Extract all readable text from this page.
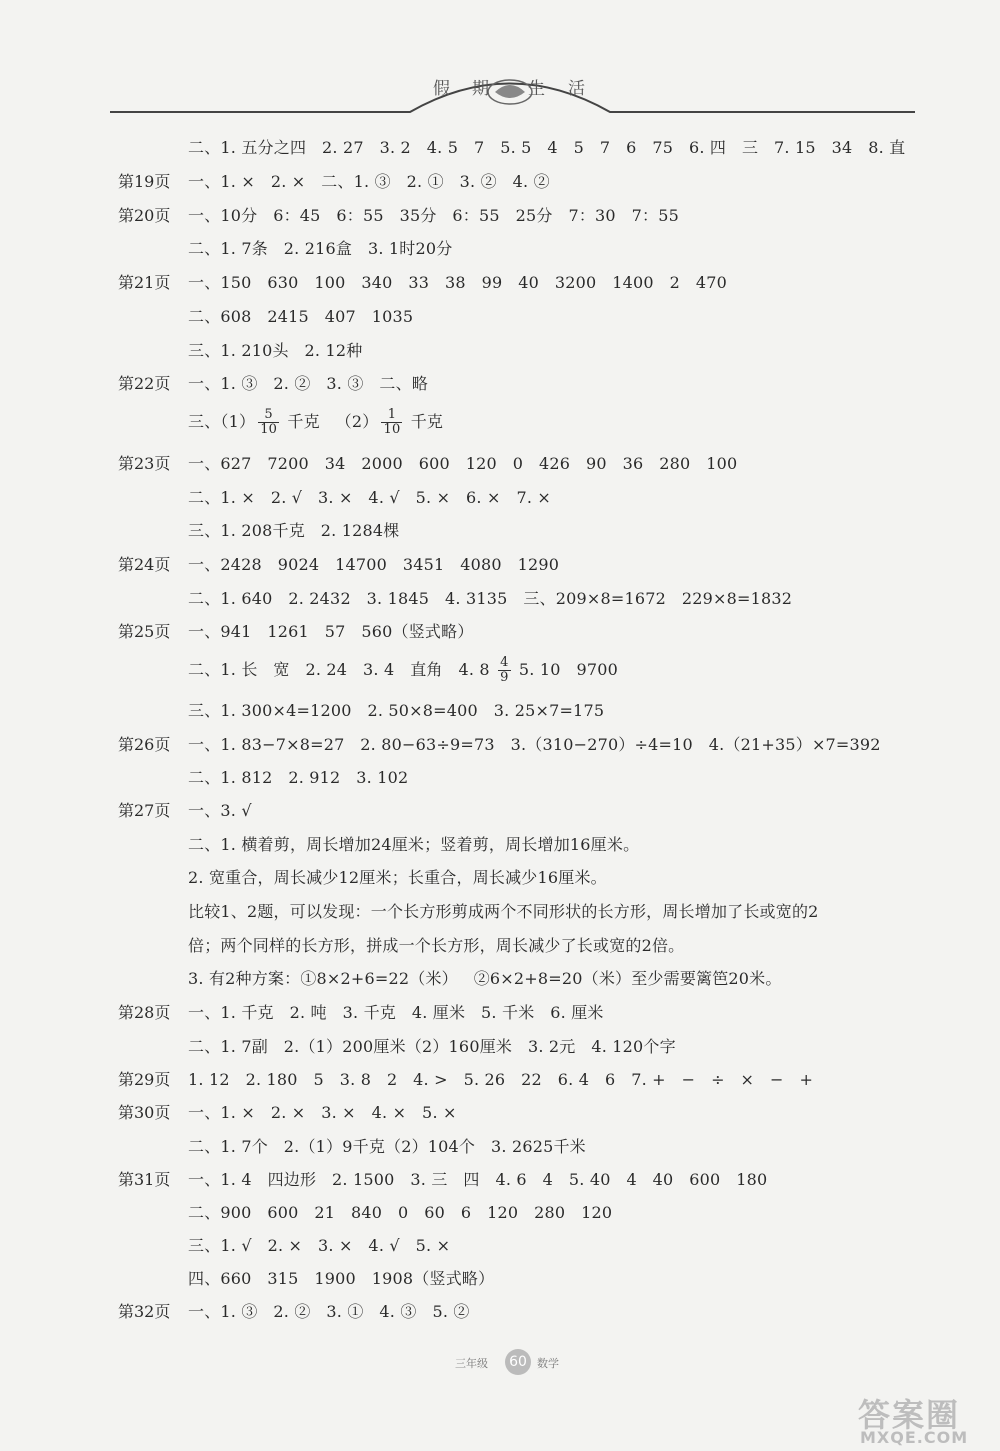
假 期 生 活
二、1. 五分之四   2. 27   3. 2   4. 5   7   5. 5   4   5   7   6   75   6. 四   三   7. 15   34   8. 直
第19页 一、1. ×   2. ×   二、1. ③   2. ①   3. ②   4. ②
第20页 一、10分   6：45   6：55   35分   6：55   25分   7：30   7：55
二、1. 7条   2. 216盒   3. 1时20分
第21页 一、150   630   100   340   33   38   99   40   3200   1400   2   470
二、608   2415   407   1035
三、1. 210头   2. 12种
第22页 一、1. ③   2. ②   3. ③   二、略
三、$(1) \frac{5}{10}$ 千克   $(2) \frac{1}{10}$ 千克
第23页 一、627   7200   34   2000   600   120   0   426   90   36   280   100
二、1. ×   2. √   3. ×   4. √   5. ×   6. ×   7. ×
三、1. 208千克   2. 1284棵
第24页 一、2428   9024   14700   3451   4080   1290
二、1. 640   2. 2432   3. 1845   4. 3135   三、209×8=1672   229×8=1832
第25页 一、941   1261   57   560（竖式略）
二、1. 长   宽   2. 24   3. 4   直角   4. $8 \frac{4}{9} 5$. 10   9700
三、1. 300×4=1200   2. 50×8=400   3. 25×7=175
第26页 一、1. 83−7×8=27   2. 80−63÷9=73   3.（310−270）÷4=10   4.（21+35）×7=392
二、1. 812   2. 912   3. 102
第27页 一、3. √
二、1. 横着剪，周长增加24厘米；竖着剪，周长增加16厘米。
2. 宽重合，周长减少12厘米；长重合，周长减少16厘米。
比较1、2题，可以发现：一个长方形剪成两个不同形状的长方形，周长增加了长或宽的2
倍；两个同样的长方形，拼成一个长方形，周长减少了长或宽的2倍。
3. 有2种方案：①8×2+6=22（米）   ②6×2+8=20（米）至少需要篱笆20米。
第28页 一、1. 千克   2. 吨   3. 千克   4. 厘米   5. 千米   6. 厘米
二、1. 7副   2.（1）200厘米（2）160厘米   3. 2元   4. 120个字
第29页 1. 12   2. 180   5   3. 8   2   4. >   5. 26   22   6. 4   6   7. +   −   ÷   ×   −   +
第30页 一、1. ×   2. ×   3. ×   4. ×   5. ×
二、1. 7个   2.（1）9千克（2）104个   3. 2625千米
第31页 一、1. 4   四边形   2. 1500   3. 三   四   4. 6   4   5. 40   4   40   600   180
二、900   600   21   840   0   60   6   120   280   120
三、1. √   2. ×   3. ×   4. √   5. ×
四、660   315   1900   1908（竖式略）
第32页 一、1. ③   2. ②   3. ①   4. ③   5. ②
三年级 60 数学
答案圈
MXQE.COM
